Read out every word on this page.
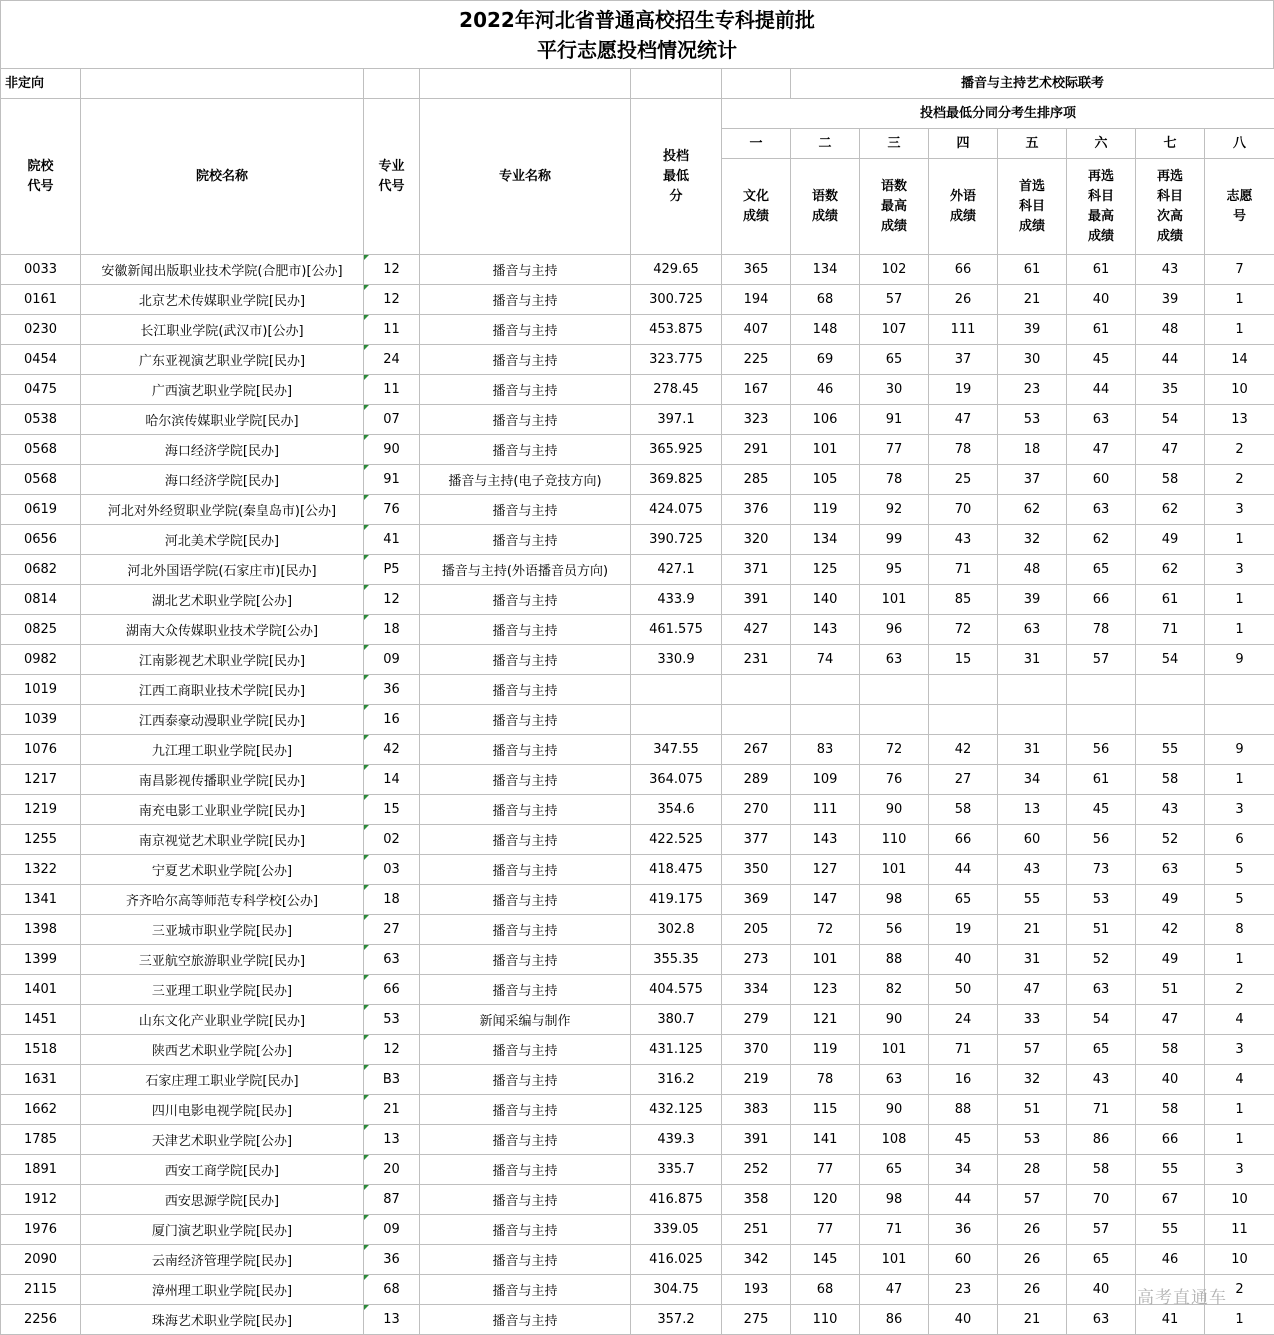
2022年河北省普通高校招生专科提前批
平行志愿投档情况统计
非定向						播音与主持艺术校际联考						

院校代号	院校名称	专业代号	专业名称	投档最低分	投档最低分同分考生排序项							
					一	二	三	四	五	六	七	八

					文化成绩	语数成绩	语数最高成绩	外语成绩	首选科目成绩	再选科目最高成绩	再选科目次高成绩	志愿号

0033	安徽新闻出版职业技术学院(合肥市)[公办]	12	播音与主持	429.65	365	134	102	66	61	61	43	7
0161	北京艺术传媒职业学院[民办]	12	播音与主持	300.725	194	68	57	26	21	40	39	1
0230	长江职业学院(武汉市)[公办]	11	播音与主持	453.875	407	148	107	111	39	61	48	1
0454	广东亚视演艺职业学院[民办]	24	播音与主持	323.775	225	69	65	37	30	45	44	14
0475	广西演艺职业学院[民办]	11	播音与主持	278.45	167	46	30	19	23	44	35	10
0538	哈尔滨传媒职业学院[民办]	07	播音与主持	397.1	323	106	91	47	53	63	54	13
0568	海口经济学院[民办]	90	播音与主持	365.925	291	101	77	78	18	47	47	2
0568	海口经济学院[民办]	91	播音与主持(电子竞技方向)	369.825	285	105	78	25	37	60	58	2
0619	河北对外经贸职业学院(秦皇岛市)[公办]	76	播音与主持	424.075	376	119	92	70	62	63	62	3
0656	河北美术学院[民办]	41	播音与主持	390.725	320	134	99	43	32	62	49	1
0682	河北外国语学院(石家庄市)[民办]	P5	播音与主持(外语播音员方向)	427.1	371	125	95	71	48	65	62	3
0814	湖北艺术职业学院[公办]	12	播音与主持	433.9	391	140	101	85	39	66	61	1
0825	湖南大众传媒职业技术学院[公办]	18	播音与主持	461.575	427	143	96	72	63	78	71	1
0982	江南影视艺术职业学院[民办]	09	播音与主持	330.9	231	74	63	15	31	57	54	9
1019	江西工商职业技术学院[民办]	36	播音与主持									
1039	江西泰豪动漫职业学院[民办]	16	播音与主持									
1076	九江理工职业学院[民办]	42	播音与主持	347.55	267	83	72	42	31	56	55	9
1217	南昌影视传播职业学院[民办]	14	播音与主持	364.075	289	109	76	27	34	61	58	1
1219	南充电影工业职业学院[民办]	15	播音与主持	354.6	270	111	90	58	13	45	43	3
1255	南京视觉艺术职业学院[民办]	02	播音与主持	422.525	377	143	110	66	60	56	52	6
1322	宁夏艺术职业学院[公办]	03	播音与主持	418.475	350	127	101	44	43	73	63	5
1341	齐齐哈尔高等师范专科学校[公办]	18	播音与主持	419.175	369	147	98	65	55	53	49	5
1398	三亚城市职业学院[民办]	27	播音与主持	302.8	205	72	56	19	21	51	42	8
1399	三亚航空旅游职业学院[民办]	63	播音与主持	355.35	273	101	88	40	31	52	49	1
1401	三亚理工职业学院[民办]	66	播音与主持	404.575	334	123	82	50	47	63	51	2
1451	山东文化产业职业学院[民办]	53	新闻采编与制作	380.7	279	121	90	24	33	54	47	4
1518	陕西艺术职业学院[公办]	12	播音与主持	431.125	370	119	101	71	57	65	58	3
1631	石家庄理工职业学院[民办]	B3	播音与主持	316.2	219	78	63	16	32	43	40	4
1662	四川电影电视学院[民办]	21	播音与主持	432.125	383	115	90	88	51	71	58	1
1785	天津艺术职业学院[公办]	13	播音与主持	439.3	391	141	108	45	53	86	66	1
1891	西安工商学院[民办]	20	播音与主持	335.7	252	77	65	34	28	58	55	3
1912	西安思源学院[民办]	87	播音与主持	416.875	358	120	98	44	57	70	67	10
1976	厦门演艺职业学院[民办]	09	播音与主持	339.05	251	77	71	36	26	57	55	11
2090	云南经济管理学院[民办]	36	播音与主持	416.025	342	145	101	60	26	65	46	10
2115	漳州理工职业学院[民办]	68	播音与主持	304.75	193	68	47	23	26	40		2
2256	珠海艺术职业学院[民办]	13	播音与主持	357.2	275	110	86	40	21	63	41	1
高考直通车
